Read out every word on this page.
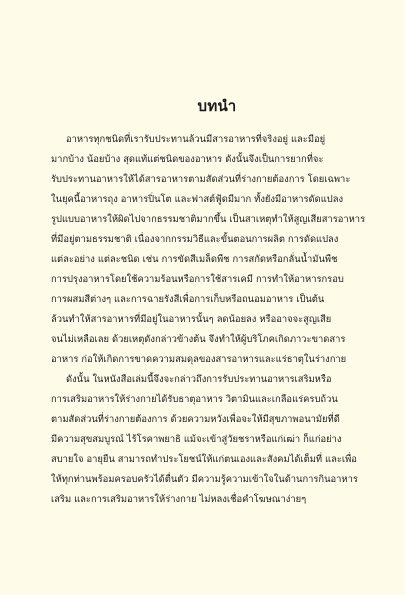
บทนำ
อาหารทุกชนิดที่เรารับประทานล้วนมีสารอาหารที่จริงอยู่ และมีอยู่
มากบ้าง น้อยบ้าง สุดแท้แต่ชนิดของอาหาร ดังนั้นจึงเป็นการยากที่จะ
รับประทานอาหารให้ได้สารอาหารตามสัดส่วนที่ร่างกายต้องการ โดยเฉพาะ
ในยุคนี้อาหารถุง อาหารปิ่นโต และฟาสต์ฟู้ดมีมาก ทั้งยังมีอาหารดัดแปลง
รูปแบบอาหารให้ผิดไปจากธรรมชาติมากขึ้น เป็นสาเหตุทำให้สูญเสียสารอาหาร
ที่มีอยู่ตามธรรมชาติ เนื่องจากกรรมวิธีและขั้นตอนการผลิต การดัดแปลง
แต่ละอย่าง แต่ละชนิด เช่น การขัดสีเมล็ดพืช การสกัดหรือกลั่นน้ำมันพืช
การปรุงอาหารโดยใช้ความร้อนหรือการใช้สารเคมี การทำให้อาหารกรอบ
การผสมสีต่างๆ และการฉายรังสีเพื่อการเก็บหรือถนอมอาหาร เป็นต้น
ล้วนทำให้สารอาหารที่มีอยู่ในอาหารนั้นๆ ลดน้อยลง หรืออาจจะสูญเสีย
จนไม่เหลือเลย ด้วยเหตุดังกล่าวข้างต้น จึงทำให้ผู้บริโภคเกิดภาวะขาดสาร
อาหาร ก่อให้เกิดการขาดความสมดุลของสารอาหารและแร่ธาตุในร่างกาย
ดังนั้น ในหนังสือเล่มนี้จึงจะกล่าวถึงการรับประทานอาหารเสริมหรือ
การเสริมอาหารให้ร่างกายได้รับธาตุอาหาร วิตามินและเกลือแร่ครบถ้วน
ตามสัดส่วนที่ร่างกายต้องการ ด้วยความหวังเพื่อจะให้มีสุขภาพอนามัยที่ดี
มีความสุขสมบูรณ์ ไร้โรคาพยาธิ แม้จะเข้าสู่วัยชราหรือแก่เฒ่า ก็แก่อย่าง
สบายใจ อายุยืน สามารถทำประโยชน์ให้แก่ตนเองและสังคมได้เต็มที่ และเพื่อ
ให้ทุกท่านพร้อมครอบครัวได้ตื่นตัว มีความรู้ความเข้าใจในด้านการกินอาหาร
เสริม และการเสริมอาหารให้ร่างกาย ไม่หลงเชื่อคำโฆษณาง่ายๆ
